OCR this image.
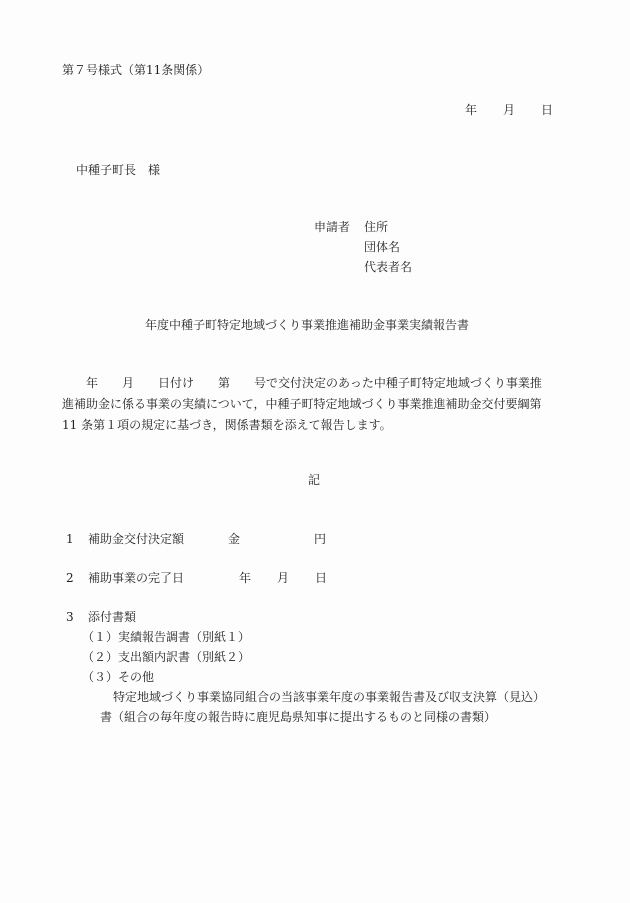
第７号様式（第11条関係）
年 月 日
中種子町長　様
申請者 住所
団体名
代表者名
年度中種子町特定地域づくり事業推進補助金事業実績報告書
　　年　　月　　日付け　　第　　号で交付決定のあった中種子町特定地域づくり事業推
進補助金に係る事業の実績について，中種子町特定地域づくり事業推進補助金交付要綱第
11 条第１項の規定に基づき，関係書類を添えて報告します。
記
1 補助金交付決定額	金	円
2 補助事業の完了日	年 月 日
3 添付書類
（１）実績報告調書（別紙１）
（２）支出額内訳書（別紙２）
（３）その他
特定地域づくり事業協同組合の当該事業年度の事業報告書及び収支決算（見込）
書（組合の毎年度の報告時に鹿児島県知事に提出するものと同様の書類）
